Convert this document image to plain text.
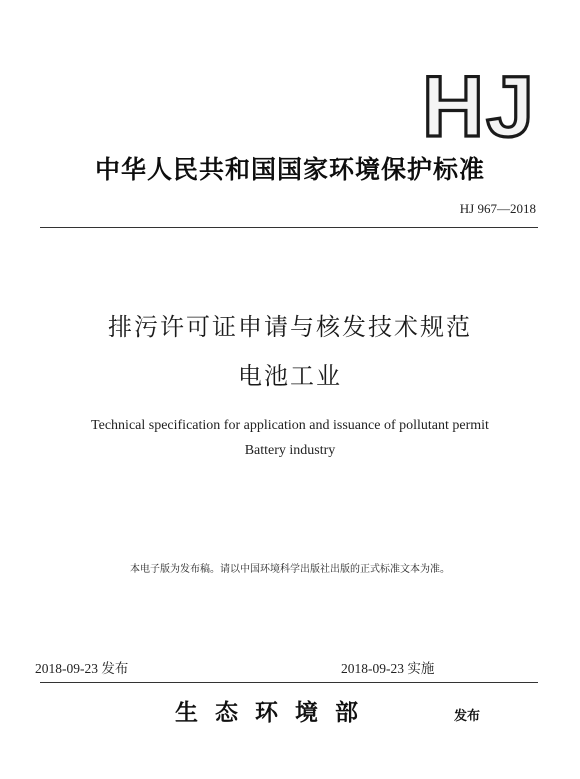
HJ
中华人民共和国国家环境保护标准
HJ 967—2018
排污许可证申请与核发技术规范
电池工业
Technical specification for application and issuance of pollutant permit
Battery industry
本电子版为发布稿。请以中国环境科学出版社出版的正式标准文本为准。
2018-09-23 发布	2018-09-23 实施
生态环境部	发布
